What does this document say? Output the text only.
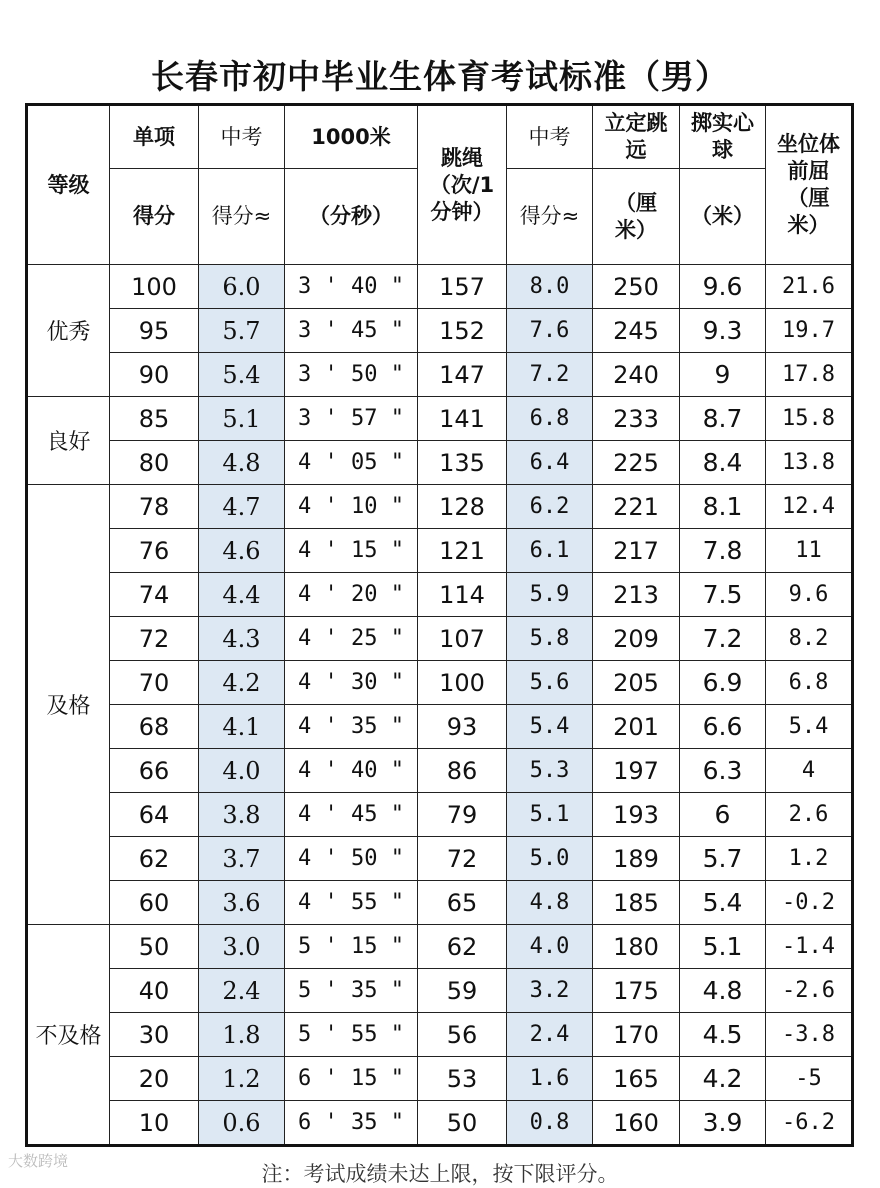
长春市初中毕业生体育考试标准（男）
等级	单项	中考	1000米	跳绳（次/1分钟）	中考	立定跳远	掷实心球	坐位体前屈（厘米）
	得分	得分≈	（分秒）		得分≈	（厘米）	（米）	
优秀	100	6.0	3 ' 40 "	157	8.0	250	9.6	21.6
	95	5.7	3 ' 45 "	152	7.6	245	9.3	19.7
	90	5.4	3 ' 50 "	147	7.2	240	9	17.8
良好	85	5.1	3 ' 57 "	141	6.8	233	8.7	15.8
	80	4.8	4 ' 05 "	135	6.4	225	8.4	13.8
及格	78	4.7	4 ' 10 "	128	6.2	221	8.1	12.4
	76	4.6	4 ' 15 "	121	6.1	217	7.8	11
	74	4.4	4 ' 20 "	114	5.9	213	7.5	9.6
	72	4.3	4 ' 25 "	107	5.8	209	7.2	8.2
	70	4.2	4 ' 30 "	100	5.6	205	6.9	6.8
	68	4.1	4 ' 35 "	93	5.4	201	6.6	5.4
	66	4.0	4 ' 40 "	86	5.3	197	6.3	4
	64	3.8	4 ' 45 "	79	5.1	193	6	2.6
	62	3.7	4 ' 50 "	72	5.0	189	5.7	1.2
	60	3.6	4 ' 55 "	65	4.8	185	5.4	-0.2
不及格	50	3.0	5 ' 15 "	62	4.0	180	5.1	-1.4
	40	2.4	5 ' 35 "	59	3.2	175	4.8	-2.6
	30	1.8	5 ' 55 "	56	2.4	170	4.5	-3.8
	20	1.2	6 ' 15 "	53	1.6	165	4.2	-5
	10	0.6	6 ' 35 "	50	0.8	160	3.9	-6.2
注：考试成绩未达上限，按下限评分。
大数跨境
